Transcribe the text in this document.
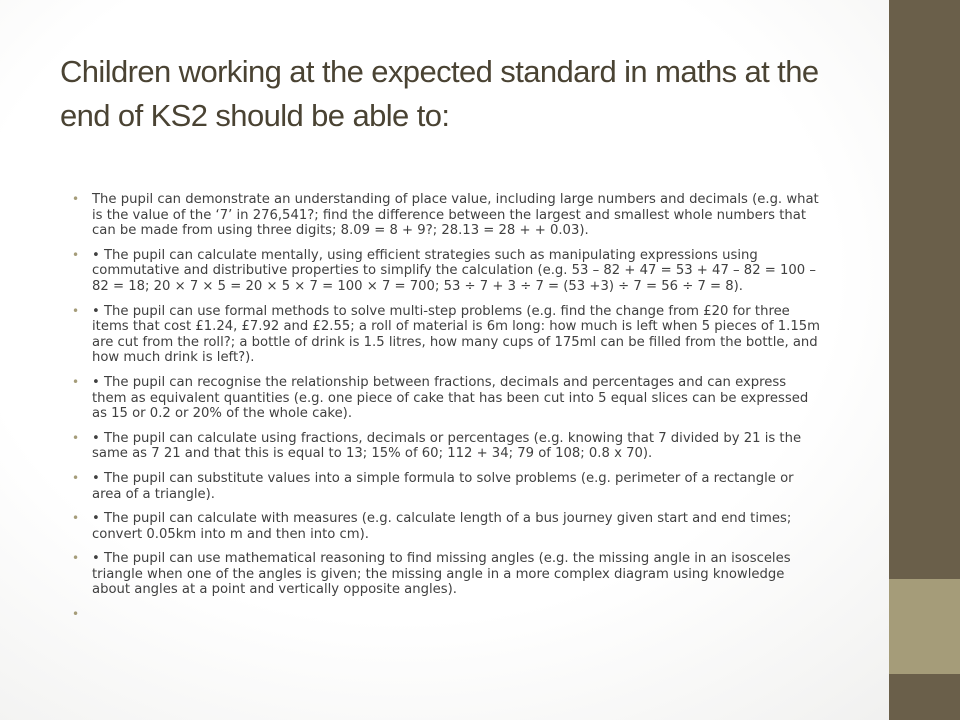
Children working at the expected standard in maths at the end of KS2 should be able to:
• The pupil can demonstrate an understanding of place value, including large numbers and decimals (e.g. what is the value of the ‘7’ in 276,541?; find the difference between the largest and smallest whole numbers that can be made from using three digits; 8.09 = 8 + 9?; 28.13 = 28 + + 0.03).
• • The pupil can calculate mentally, using efficient strategies such as manipulating expressions using commutative and distributive properties to simplify the calculation (e.g. 53 – 82 + 47 = 53 + 47 – 82 = 100 – 82 = 18; 20 × 7 × 5 = 20 × 5 × 7 = 100 × 7 = 700; 53 ÷ 7 + 3 ÷ 7 = (53 +3) ÷ 7 = 56 ÷ 7 = 8).
• • The pupil can use formal methods to solve multi-step problems (e.g. find the change from £20 for three items that cost £1.24, £7.92 and £2.55; a roll of material is 6m long: how much is left when 5 pieces of 1.15m are cut from the roll?; a bottle of drink is 1.5 litres, how many cups of 175ml can be filled from the bottle, and how much drink is left?).
• • The pupil can recognise the relationship between fractions, decimals and percentages and can express them as equivalent quantities (e.g. one piece of cake that has been cut into 5 equal slices can be expressed as 15 or 0.2 or 20% of the whole cake).
• • The pupil can calculate using fractions, decimals or percentages (e.g. knowing that 7 divided by 21 is the same as 7 21 and that this is equal to 13; 15% of 60; 112 + 34; 79 of 108; 0.8 x 70).
• • The pupil can substitute values into a simple formula to solve problems (e.g. perimeter of a rectangle or area of a triangle).
• • The pupil can calculate with measures (e.g. calculate length of a bus journey given start and end times; convert 0.05km into m and then into cm).
• • The pupil can use mathematical reasoning to find missing angles (e.g. the missing angle in an isosceles triangle when one of the angles is given; the missing angle in a more complex diagram using knowledge about angles at a point and vertically opposite angles).
•
